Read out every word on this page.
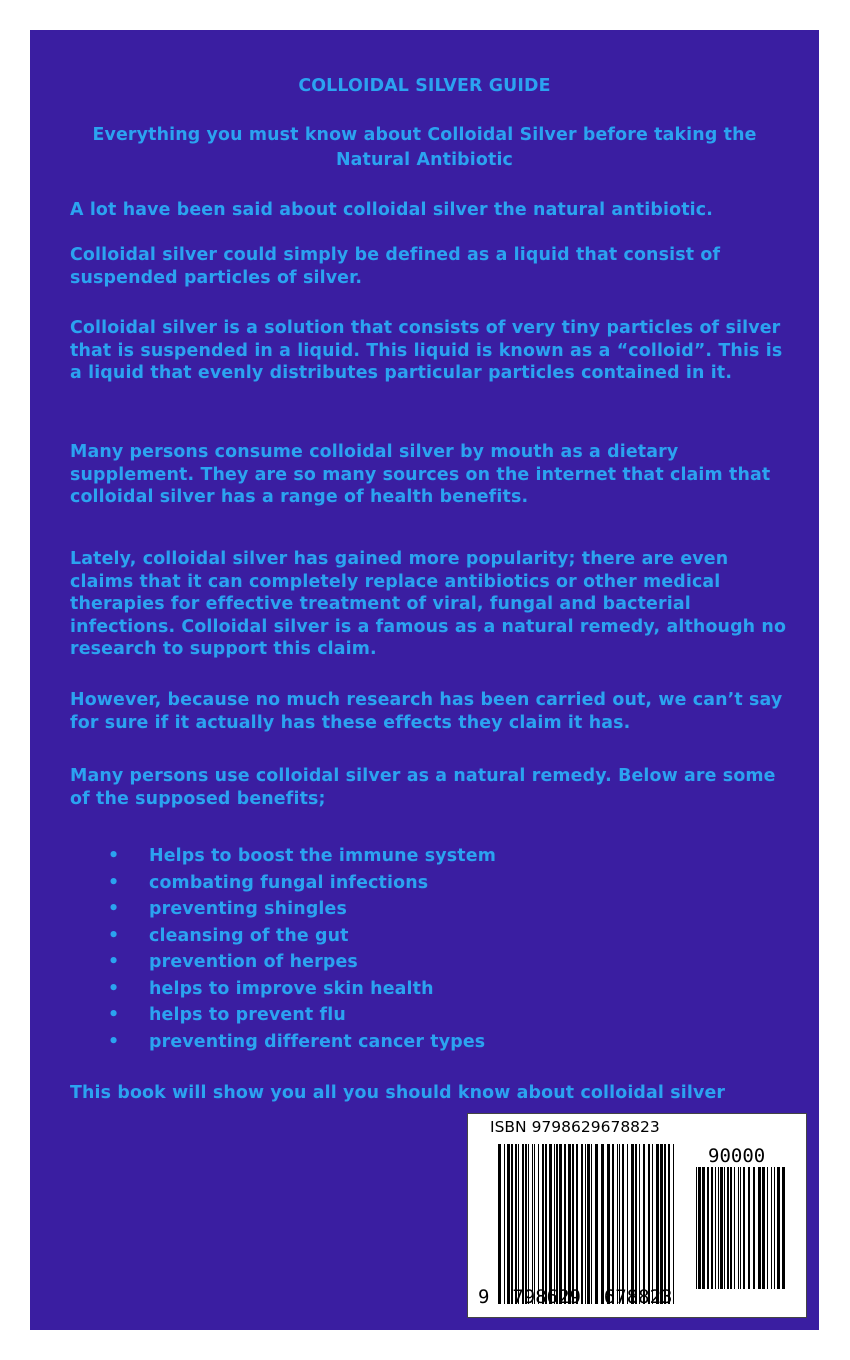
COLLOIDAL SILVER GUIDE
Everything you must know about Colloidal Silver before taking the Natural Antibiotic

A lot have been said about colloidal silver the natural antibiotic.

Colloidal silver could simply be defined as a liquid that consist of suspended particles of silver.

Colloidal silver is a solution that consists of very tiny particles of silver that is suspended in a liquid. This liquid is known as a “colloid”. This is a liquid that evenly distributes particular particles contained in it.

Many persons consume colloidal silver by mouth as a dietary supplement. They are so many sources on the internet that claim that colloidal silver has a range of health benefits.

Lately, colloidal silver has gained more popularity; there are even claims that it can completely replace antibiotics or other medical therapies for effective treatment of viral, fungal and bacterial infections. Colloidal silver is a famous as a natural remedy, although no research to support this claim.

However, because no much research has been carried out, we can’t say for sure if it actually has these effects they claim it has.

Many persons use colloidal silver as a natural remedy. Below are some of the supposed benefits;

• Helps to boost the immune system
• combating fungal infections
• preventing shingles
• cleansing of the gut
• prevention of herpes
• helps to improve skin health
• helps to prevent flu
• preventing different cancer types

This book will show you all you should know about colloidal silver

ISBN 9798629678823
90000
9  798629  678823
